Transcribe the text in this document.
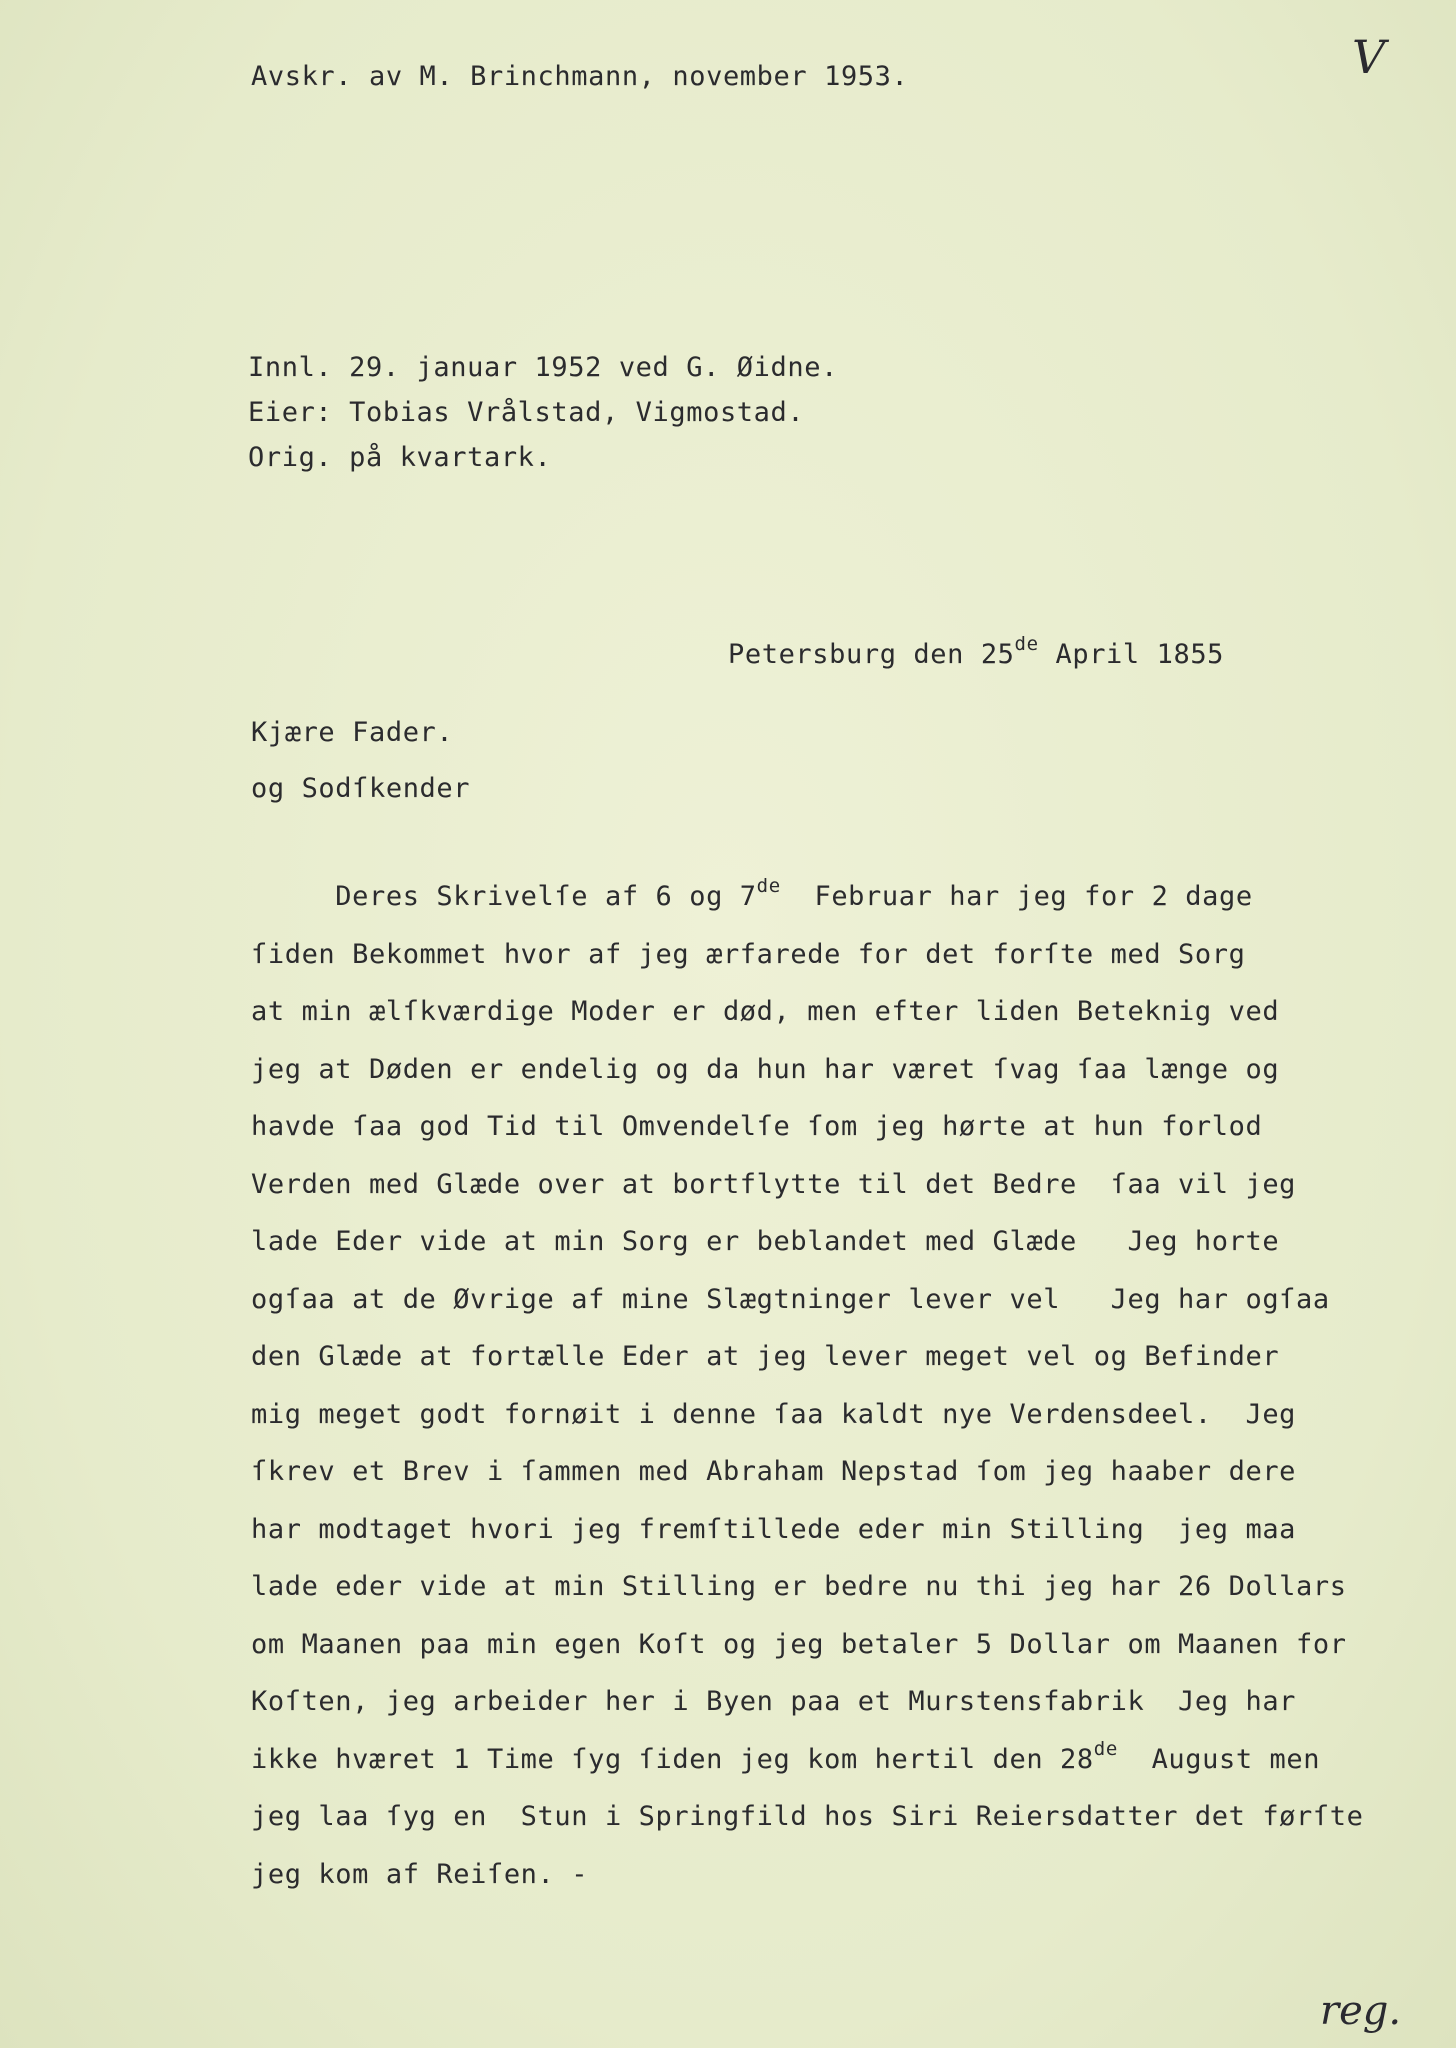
V
Avskr. av M. Brinchmann, november 1953.
Innl. 29. januar 1952 ved G. Øidne.
Eier: Tobias Vrålstad, Vigmostad.
Orig. på kvartark.
Petersburg den 25de April 1855
Kjære Fader.
og Sodſkender
Deres Skrivelſe af 6 og 7de  Februar har jeg for 2 dage
ſiden Bekommet hvor af jeg ærfarede for det forſte med Sorg
at min ælſkværdige Moder er død, men efter liden Beteknig ved
jeg at Døden er endelig og da hun har været ſvag ſaa længe og
havde ſaa god Tid til Omvendelſe ſom jeg hørte at hun forlod
Verden med Glæde over at bortflytte til det Bedre  ſaa vil jeg
lade Eder vide at min Sorg er beblandet med Glæde   Jeg horte
ogſaa at de Øvrige af mine Slægtninger lever vel   Jeg har ogſaa
den Glæde at fortælle Eder at jeg lever meget vel og Befinder
mig meget godt fornøit i denne ſaa kaldt nye Verdensdeel.  Jeg
ſkrev et Brev i ſammen med Abraham Nepstad ſom jeg haaber dere
har modtaget hvori jeg fremſtillede eder min Stilling  jeg maa
lade eder vide at min Stilling er bedre nu thi jeg har 26 Dollars
om Maanen paa min egen Koſt og jeg betaler 5 Dollar om Maanen for
Koſten, jeg arbeider her i Byen paa et Murstensfabrik  Jeg har
ikke hværet 1 Time ſyg ſiden jeg kom hertil den 28de  August men
jeg laa ſyg en  Stun i Springfild hos Siri Reiersdatter det førſte
jeg kom af Reiſen. -
reg.
